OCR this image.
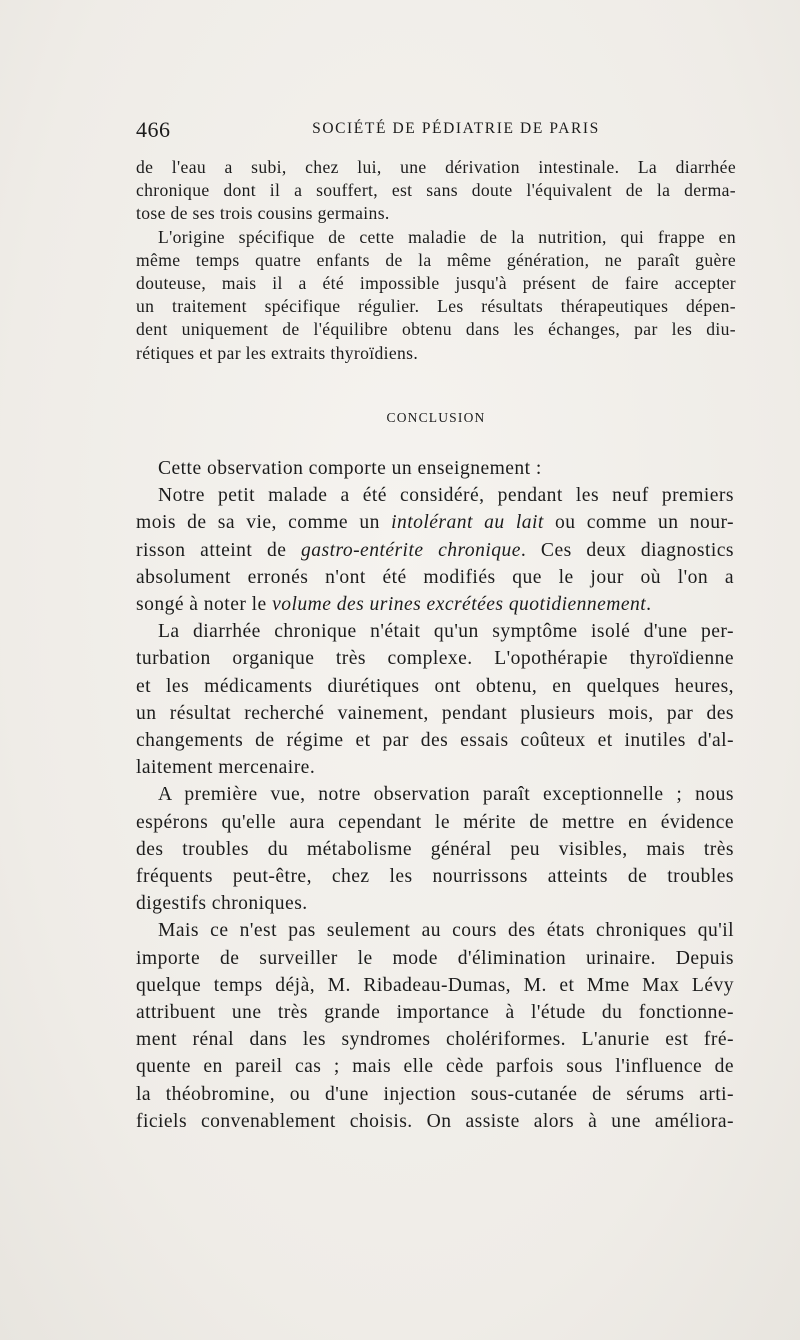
466	SOCIÉTÉ DE PÉDIATRIE DE PARIS

de l'eau a subi, chez lui, une dérivation intestinale. La diarrhée
chronique dont il a souffert, est sans doute l'équivalent de la derma-
tose de ses trois cousins germains.

L'origine spécifique de cette maladie de la nutrition, qui frappe en
même temps quatre enfants de la même génération, ne paraît guère
douteuse, mais il a été impossible jusqu'à présent de faire accepter
un traitement spécifique régulier. Les résultats thérapeutiques dépen-
dent uniquement de l'équilibre obtenu dans les échanges, par les diu-
rétiques et par les extraits thyroïdiens.

CONCLUSION

Cette observation comporte un enseignement :

Notre petit malade a été considéré, pendant les neuf premiers
mois de sa vie, comme un intolérant au lait ou comme un nour-
risson atteint de gastro-entérite chronique. Ces deux diagnostics
absolument erronés n'ont été modifiés que le jour où l'on a
songé à noter le volume des urines excrétées quotidiennement.

La diarrhée chronique n'était qu'un symptôme isolé d'une per-
turbation organique très complexe. L'opothérapie thyroïdienne
et les médicaments diurétiques ont obtenu, en quelques heures,
un résultat recherché vainement, pendant plusieurs mois, par des
changements de régime et par des essais coûteux et inutiles d'al-
laitement mercenaire.

A première vue, notre observation paraît exceptionnelle ; nous
espérons qu'elle aura cependant le mérite de mettre en évidence
des troubles du métabolisme général peu visibles, mais très
fréquents peut-être, chez les nourrissons atteints de troubles
digestifs chroniques.

Mais ce n'est pas seulement au cours des états chroniques qu'il
importe de surveiller le mode d'élimination urinaire. Depuis
quelque temps déjà, M. Ribadeau-Dumas, M. et Mme Max Lévy
attribuent une très grande importance à l'étude du fonctionne-
ment rénal dans les syndromes cholériformes. L'anurie est fré-
quente en pareil cas ; mais elle cède parfois sous l'influence de
la théobromine, ou d'une injection sous-cutanée de sérums arti-
ficiels convenablement choisis. On assiste alors à une améliora-
